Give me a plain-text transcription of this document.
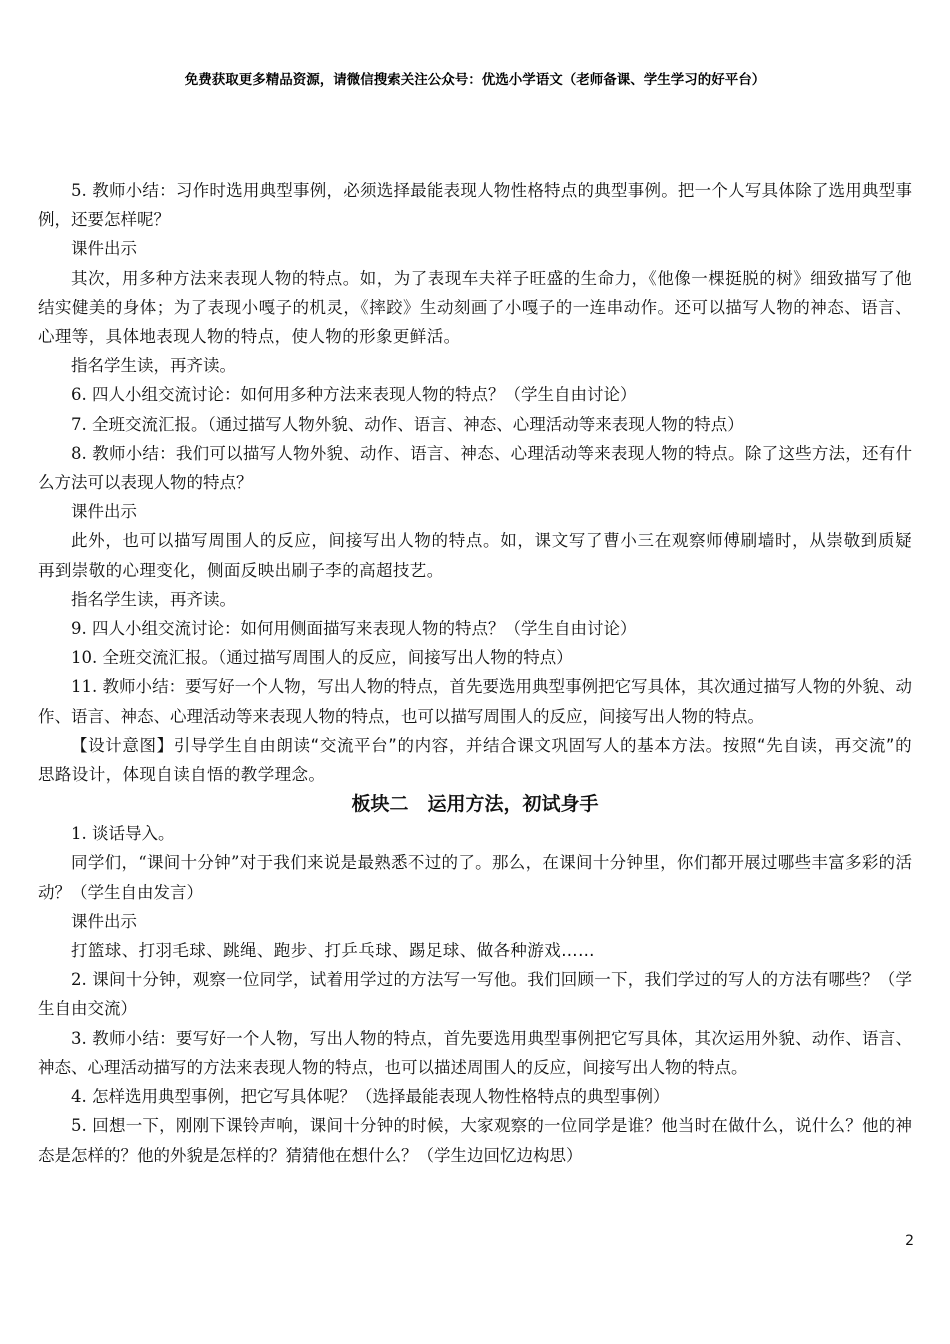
免费获取更多精品资源，请微信搜索关注公众号：优选小学语文（老师备课、学生学习的好平台）

5. 教师小结：习作时选用典型事例，必须选择最能表现人物性格特点的典型事例。把一个人写具体除了选用典型事例，还要怎样呢？

课件出示

其次，用多种方法来表现人物的特点。如，为了表现车夫祥子旺盛的生命力，《他像一棵挺脱的树》细致描写了他结实健美的身体；为了表现小嘎子的机灵，《摔跤》生动刻画了小嘎子的一连串动作。还可以描写人物的神态、语言、心理等，具体地表现人物的特点，使人物的形象更鲜活。

指名学生读，再齐读。

6. 四人小组交流讨论：如何用多种方法来表现人物的特点？（学生自由讨论）

7. 全班交流汇报。（通过描写人物外貌、动作、语言、神态、心理活动等来表现人物的特点）

8. 教师小结：我们可以描写人物外貌、动作、语言、神态、心理活动等来表现人物的特点。除了这些方法，还有什么方法可以表现人物的特点？

课件出示

此外，也可以描写周围人的反应，间接写出人物的特点。如，课文写了曹小三在观察师傅刷墙时，从崇敬到质疑再到崇敬的心理变化，侧面反映出刷子李的高超技艺。

指名学生读，再齐读。

9. 四人小组交流讨论：如何用侧面描写来表现人物的特点？（学生自由讨论）

10. 全班交流汇报。（通过描写周围人的反应，间接写出人物的特点）

11. 教师小结：要写好一个人物，写出人物的特点，首先要选用典型事例把它写具体，其次通过描写人物的外貌、动作、语言、神态、心理活动等来表现人物的特点，也可以描写周围人的反应，间接写出人物的特点。

【设计意图】引导学生自由朗读“交流平台”的内容，并结合课文巩固写人的基本方法。按照“先自读，再交流”的思路设计，体现自读自悟的教学理念。

板块二　运用方法，初试身手

1. 谈话导入。

同学们，“课间十分钟”对于我们来说是最熟悉不过的了。那么，在课间十分钟里，你们都开展过哪些丰富多彩的活动？（学生自由发言）

课件出示

打篮球、打羽毛球、跳绳、跑步、打乒乓球、踢足球、做各种游戏……

2. 课间十分钟，观察一位同学，试着用学过的方法写一写他。我们回顾一下，我们学过的写人的方法有哪些？（学生自由交流）

3. 教师小结：要写好一个人物，写出人物的特点，首先要选用典型事例把它写具体，其次运用外貌、动作、语言、神态、心理活动描写的方法来表现人物的特点，也可以描述周围人的反应，间接写出人物的特点。

4. 怎样选用典型事例，把它写具体呢？（选择最能表现人物性格特点的典型事例）

5. 回想一下，刚刚下课铃声响，课间十分钟的时候，大家观察的一位同学是谁？他当时在做什么，说什么？他的神态是怎样的？他的外貌是怎样的？猜猜他在想什么？（学生边回忆边构思）

2
